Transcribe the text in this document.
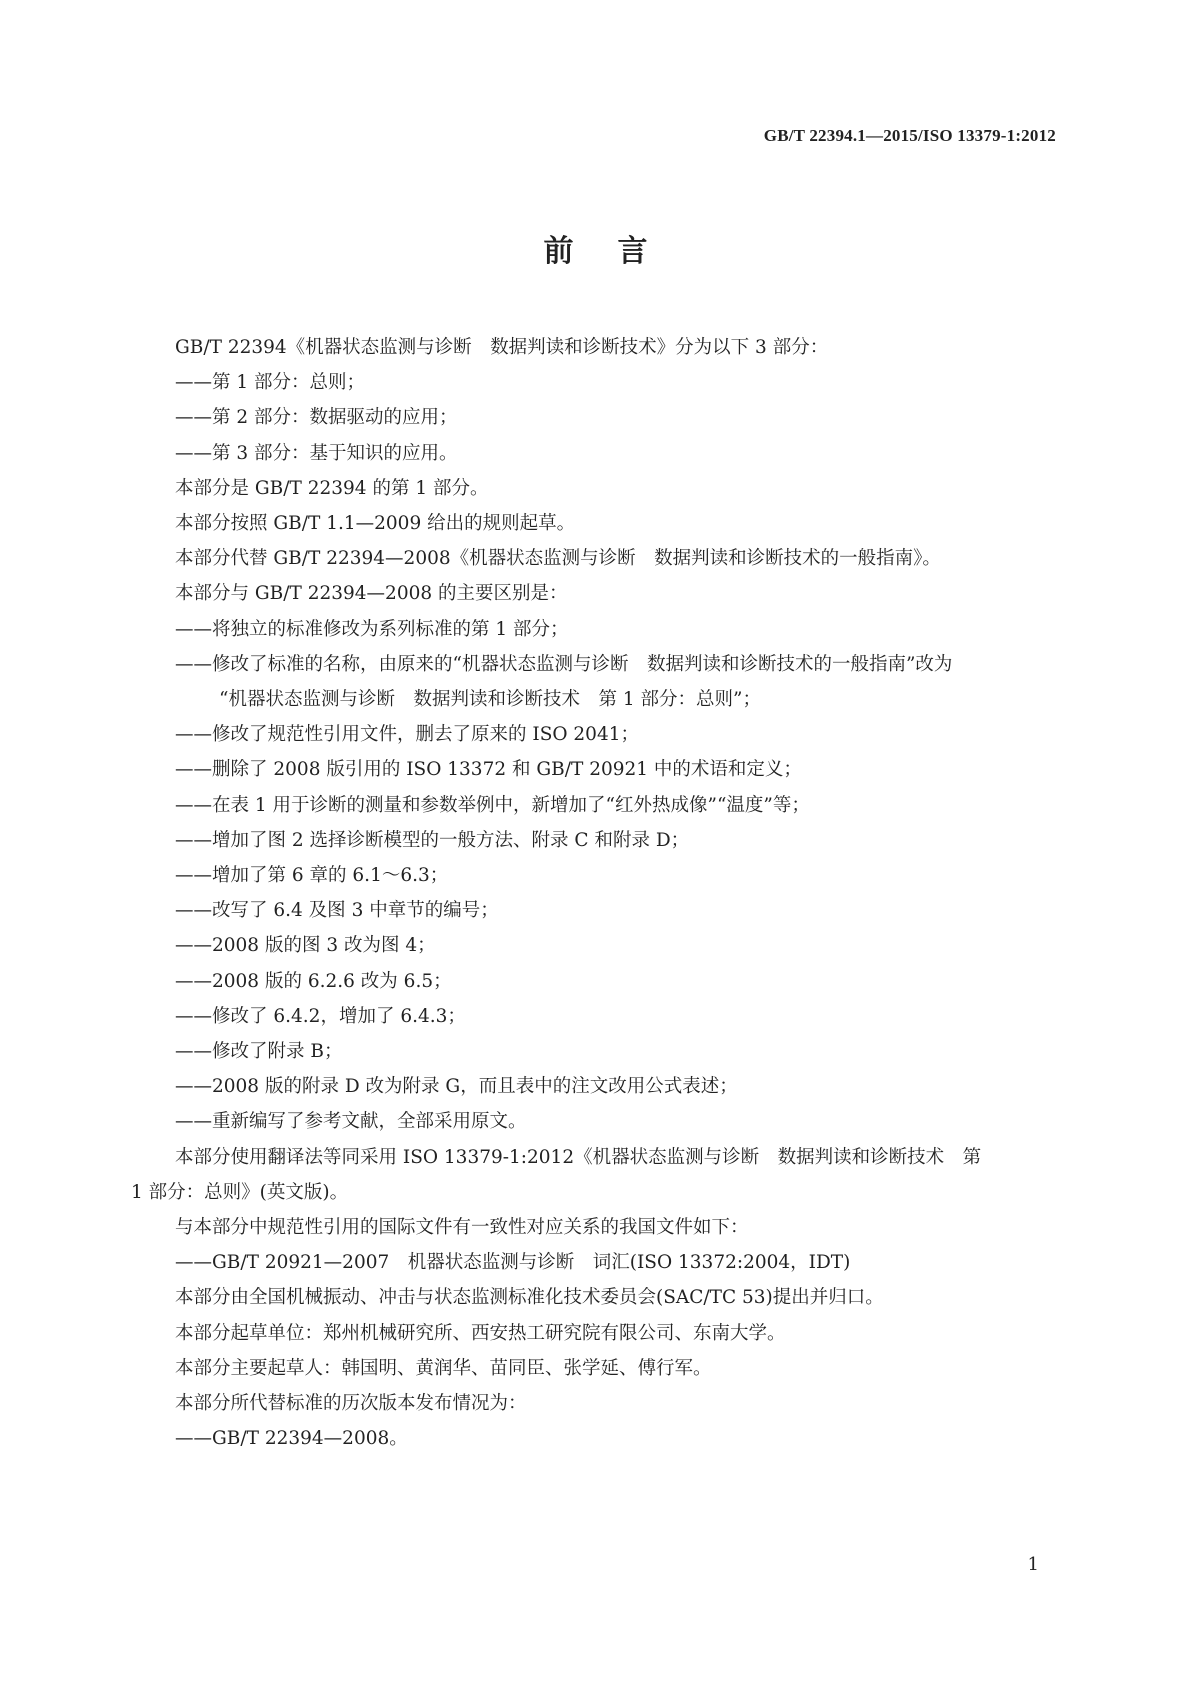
GB/T 22394.1—2015/ISO 13379-1:2012
前言

GB/T 22394《机器状态监测与诊断　数据判读和诊断技术》分为以下 3 部分：

——第 1 部分：总则；

——第 2 部分：数据驱动的应用；

——第 3 部分：基于知识的应用。

本部分是 GB/T 22394 的第 1 部分。

本部分按照 GB/T 1.1—2009 给出的规则起草。

本部分代替 GB/T 22394—2008《机器状态监测与诊断　数据判读和诊断技术的一般指南》。

本部分与 GB/T 22394—2008 的主要区别是：

——将独立的标准修改为系列标准的第 1 部分；

——修改了标准的名称，由原来的“机器状态监测与诊断　数据判读和诊断技术的一般指南”改为

“机器状态监测与诊断　数据判读和诊断技术　第 1 部分：总则”；

——修改了规范性引用文件，删去了原来的 ISO 2041；

——删除了 2008 版引用的 ISO 13372 和 GB/T 20921 中的术语和定义；

——在表 1 用于诊断的测量和参数举例中，新增加了“红外热成像”“温度”等；

——增加了图 2 选择诊断模型的一般方法、附录 C 和附录 D；

——增加了第 6 章的 6.1～6.3；

——改写了 6.4 及图 3 中章节的编号；

——2008 版的图 3 改为图 4；

——2008 版的 6.2.6 改为 6.5；

——修改了 6.4.2，增加了 6.4.3；

——修改了附录 B；

——2008 版的附录 D 改为附录 G，而且表中的注文改用公式表述；

——重新编写了参考文献，全部采用原文。

本部分使用翻译法等同采用 ISO 13379-1:2012《机器状态监测与诊断　数据判读和诊断技术　第

1 部分：总则》(英文版)。

与本部分中规范性引用的国际文件有一致性对应关系的我国文件如下：

——GB/T 20921—2007　机器状态监测与诊断　词汇(ISO 13372:2004，IDT)

本部分由全国机械振动、冲击与状态监测标准化技术委员会(SAC/TC 53)提出并归口。

本部分起草单位：郑州机械研究所、西安热工研究院有限公司、东南大学。

本部分主要起草人：韩国明、黄润华、苗同臣、张学延、傅行军。

本部分所代替标准的历次版本发布情况为：

——GB/T 22394—2008。

1
